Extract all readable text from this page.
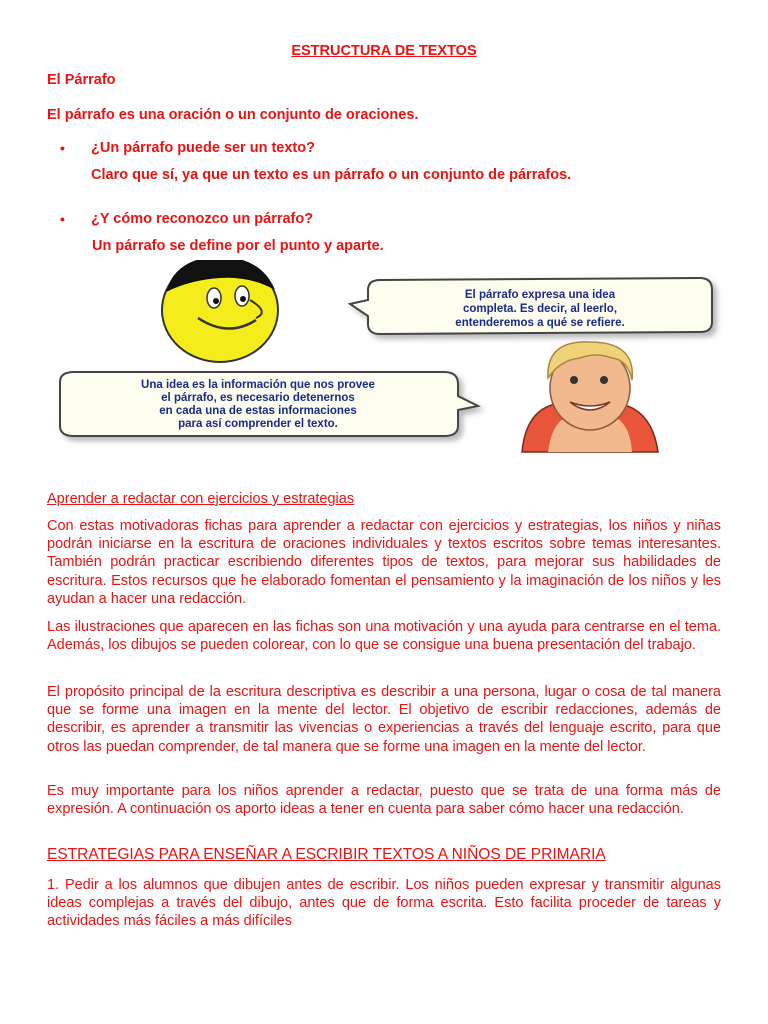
ESTRUCTURA DE TEXTOS
El Párrafo
El párrafo es una oración o un conjunto de oraciones.
• ¿Un párrafo puede ser un texto?
Claro que sí, ya que un texto es un párrafo o un conjunto de párrafos.
• ¿Y cómo reconozco un párrafo?
Un párrafo se define por el punto y aparte.
El párrafo expresa una idea
completa. Es decir, al leerlo,
entenderemos a qué se refiere.
Una idea es la información que nos provee
el párrafo, es necesario detenernos
en cada una de estas informaciones
para así comprender el texto.
Aprender a redactar con ejercicios y estrategias
Con estas motivadoras fichas para aprender a redactar con ejercicios y estrategias, los niños y niñas podrán iniciarse en la escritura de oraciones individuales y textos escritos sobre temas interesantes. También podrán practicar escribiendo diferentes tipos de textos, para mejorar sus habilidades de escritura. Estos recursos que he elaborado fomentan el pensamiento y la imaginación de los niños y les ayudan a hacer una redacción.
Las ilustraciones que aparecen en las fichas son una motivación y una ayuda para centrarse en el tema. Además, los dibujos se pueden colorear, con lo que se consigue una buena presentación del trabajo.
El propósito principal de la escritura descriptiva es describir a una persona, lugar o cosa de tal manera que se forme una imagen en la mente del lector. El objetivo de escribir redacciones, además de describir, es aprender a transmitir las vivencias o experiencias a través del lenguaje escrito, para que otros las puedan comprender, de tal manera que se forme una imagen en la mente del lector.
Es muy importante para los niños aprender a redactar, puesto que se trata de una forma más de expresión. A continuación os aporto ideas a tener en cuenta para saber cómo hacer una redacción.
ESTRATEGIAS PARA ENSEÑAR A ESCRIBIR TEXTOS A NIÑOS DE PRIMARIA
1. Pedir a los alumnos que dibujen antes de escribir. Los niños pueden expresar y transmitir algunas ideas complejas a través del dibujo, antes que de forma escrita. Esto facilita proceder de tareas y actividades más fáciles a más difíciles
